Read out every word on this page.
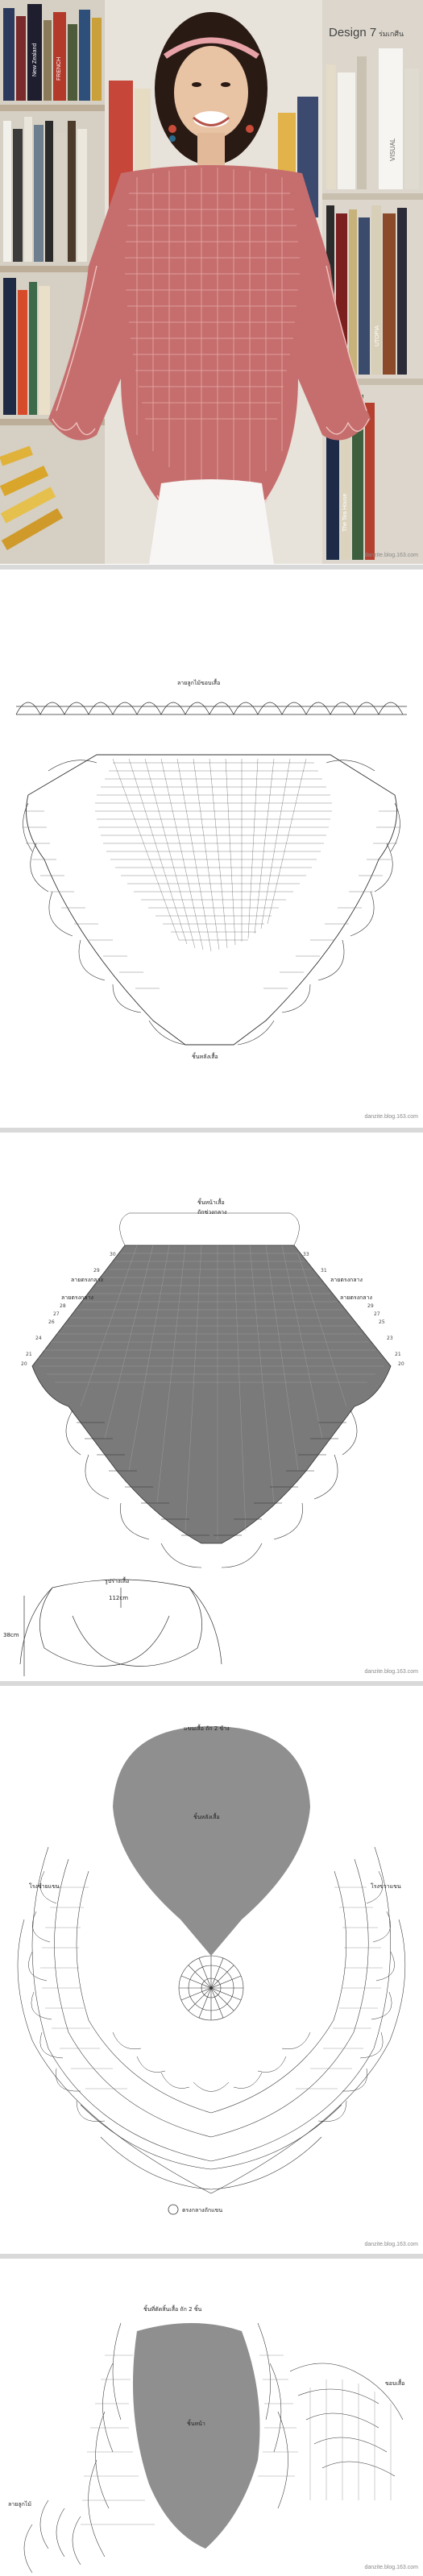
New Zealand	FRENCH
VISUAL
The Tea House
UTOPIA
Design 7 ร่มเกศีน
danzite.blog.163.com
ลายลูกไม้ขอบเสื้อ
ชิ้นหลังเสื้อ
danzite.blog.163.com
ชิ้นหน้าเสื้อ
ถักช่วงกลาง
ลายตรงกลาง
ลายตรงกลาง
ลายตรงกลาง
ลายตรงกลาง
30
29
28
27
26
24
21
20
33
31
29
27
25
23
21
20
รูปร่างเสื้อ
112cm
38cm
danzite.blog.163.com
แขนเสื้อ ถัก 2 ข้าง
ชิ้นหลังเสื้อ
โรงซ้ายแขน	โรงขวาแขน
ตรงกลางถักแขน
danzite.blog.163.com
ชิ้นที่ตัดสิ้นเสื้อ ถัก 2 ชิ้น
ชิ้นหน้า
ขอบเสื้อ
ลายลูกไม้
danzite.blog.163.com
